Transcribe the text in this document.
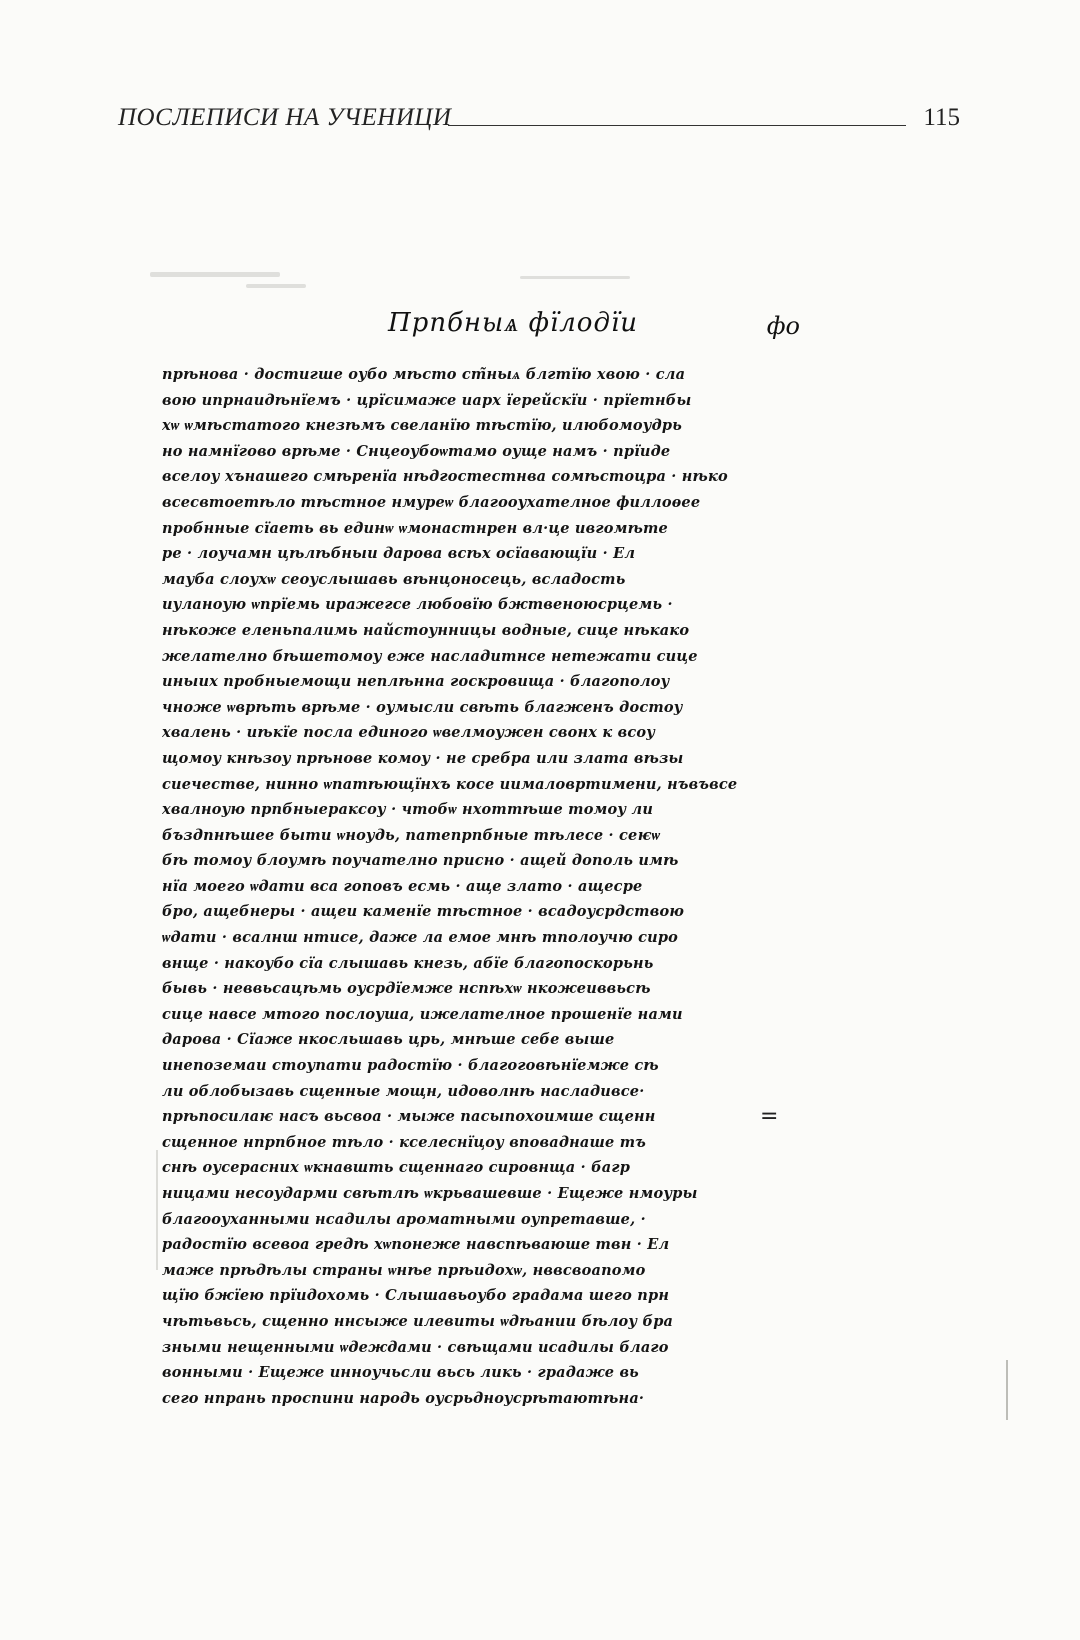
ПОСЛЕПИСИ НА УЧЕНИЦИ	115
Прпбныѧ фїлодїи	фо
прѣнова · достигше оубо мѣсто ст̃ныѧ блгтїю хвою · сла
вою ипрнаидѣнїемъ · црїсимаже иарх їерейскїи · прїетнбы
хѡ ѡмѣстатого кнезѣмъ свеланїю тѣстїю, илюбомоудрь
но намнїгово врѣме · Снцеоубоѡтамо оуще намъ · прїиде
вселоу хънашего смѣренїа нѣдгостестнва сомѣстоцра · нѣко
всесвтоетѣло тѣстное нмуреѡ благооухателное филлоѳее
пробнные сїаеть вь единѡ ѡмонастнрен вл·це ивгомѣте
ре · лоучамн цѣлѣбныи дарова всѣх осїавающїи · Ел
мауба слоухѡ сеоуслышавь вѣнцоносець, всладость
иуланоую ѡпрїемь иражегсе любовїю бжтвеноюсрцемь ·
нѣкоже еленьпалимь найстоунницы водные, сице нѣкако
желателно бѣшетомоу еже насладитнсе нетежати сице
иныих пробныемощи неплѣнна госкровища · благополоу
чноже ѡврѣть врѣме · оумысли свѣть благженъ достоу
хвалень · иѣкїе посла единого ѡвелмоужен свонх к всоу
щомоу кнѣзоу прѣнове комоу · не сребра или злата вѣзы
сиечестве, нинно ѡпатѣющїнхъ косе иималовртимени, нъвъвсе
хвалноую прпбныераксоу · чтобѡ нхоттѣше томоу ли
бъздпнѣшее быти ѡноудь, патепрпбные тѣлесе · сеѥѡ
бѣ томоу блоумѣ поучателно присно · ащей дополь имѣ
нїа моего ѡдати вса гоповъ есмь · аще злато · ащесре
бро, ащебнеры · ащеи каменїе тѣстное · всадоусрдствою
ѡдати · всалнш нтисе, даже ла емое мнѣ тполоучю сиро
внще · накоубо сїа слышавь кнезь, абїе благопоскорьнь
бывь · неввьсацѣмь оусрдїемже нспѣхѡ нкожеиввьсѣ
сице навсе мтого послоуша, ижелателное прошенїе нами
дарова · Сїаже нкосльшавь црь, мнѣше себе выше
инепоземаи стоупати радостїю · благоговѣнїемже сѣ
ли облобызавь сщенные мощн, идоволнѣ насладивсе·
прѣпосилаѥ насъ вьсвоа · мыже пасыпохоимше сщенн
сщенное нпрпбное тѣло · кселеснїцоу вповаднаше тъ
снѣ оусерасних ѡкнавшть сщеннаго сировнща · багр
ницами несоударми свѣтлѣ ѡкрьвашевше · Ещеже нмоуры
благооуханными нсадилы ароматными оупретавше, ·
радостїю всевоа гредѣ хѡпонеже навспѣваюше твн · Ел
маже прѣдѣлы страны ѡнѣе прѣидохѡ, нввсвоапомо
щїю бжїею прїидохомь · Слышавьоубо градама шего прн
чѣтьвьсь, сщенно ннсыже илевиты ѡдѣании бѣлоу бра
зными нещенными ѡдеждами · свѣщами исадилы благо
вонными · Ещеже инноучьсли вьсь ликь · градаже вь
сего нпрань проспини народь оусрьдноусрѣтаютѣна·
=
